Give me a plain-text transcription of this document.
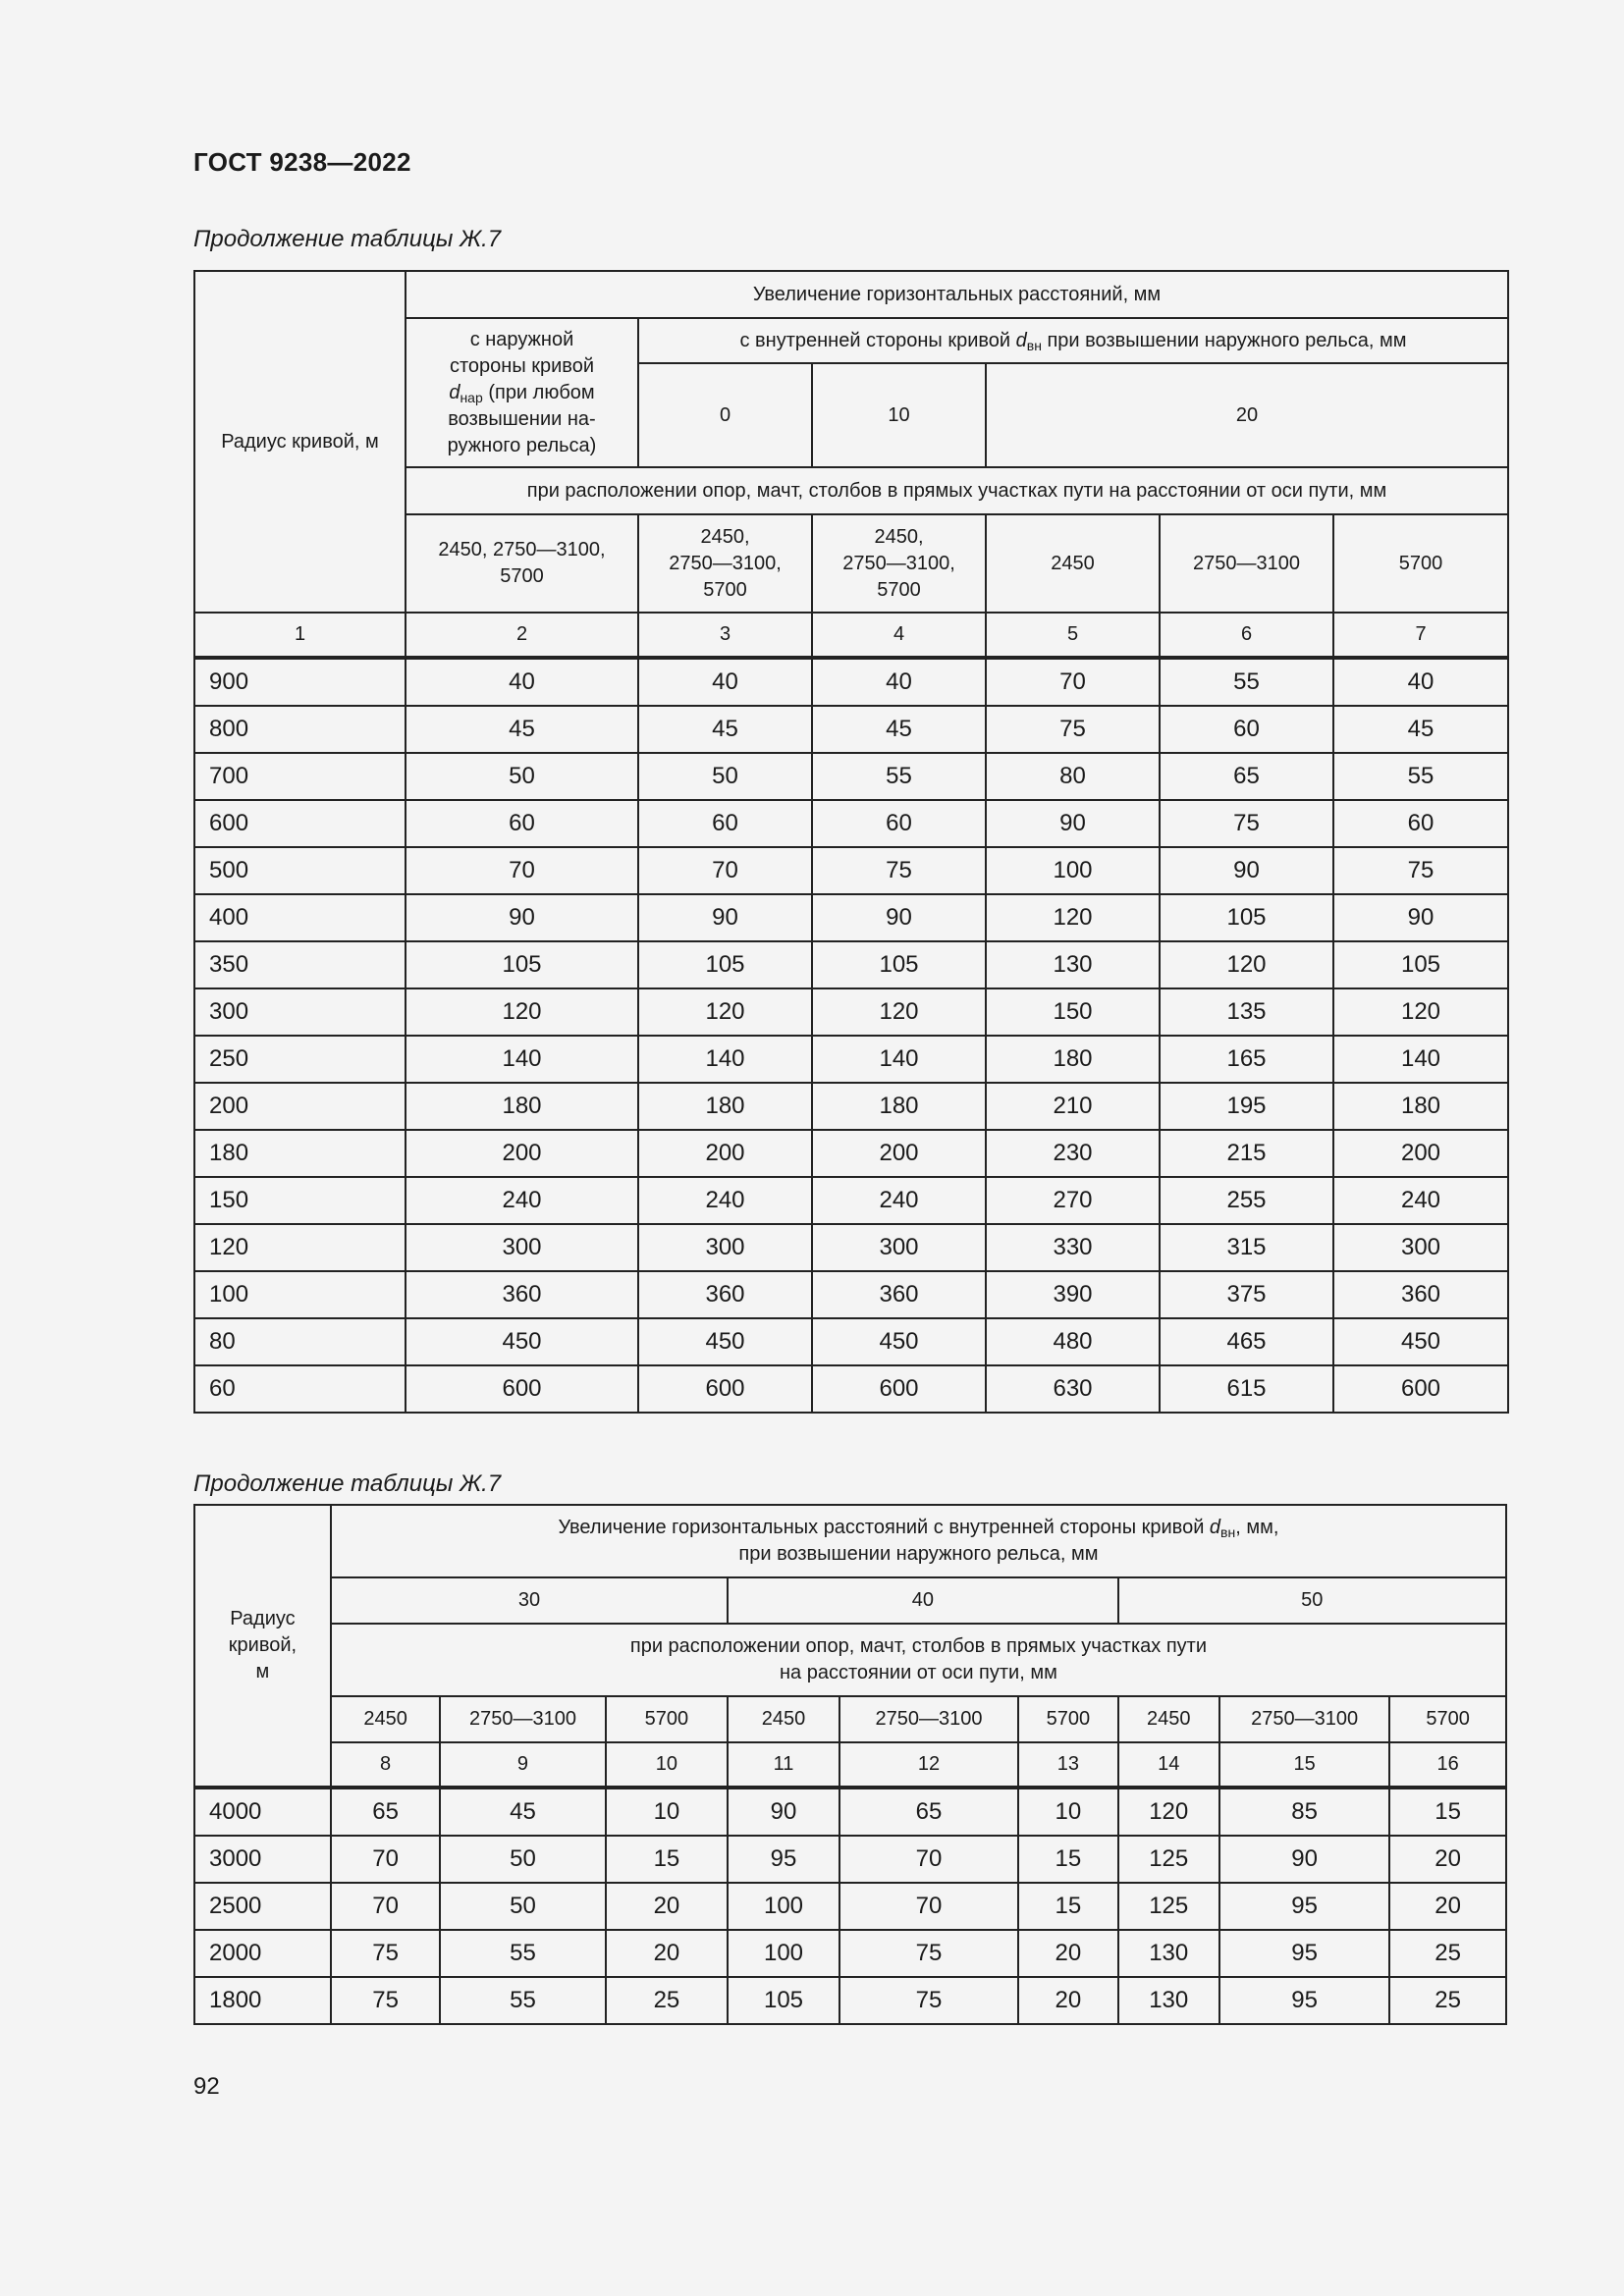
ГОСТ 9238—2022
Продолжение таблицы Ж.7
Радиус кривой, м	Увеличение горизонтальных расстояний, мм					
	с наружной
стороны кривой
$d_{нар}$ (при любом
возвышении на-
ружного рельса)	с внутренней стороны кривой $d_{вн}$ при возвышении наружного рельса, мм				
		0	10	20		
	при расположении опор, мачт, столбов в прямых участках пути на расстоянии от оси пути, мм					
	2450, 2750—3100,
5700	2450,
2750—3100,
5700	2450,
2750—3100,
5700	2450	2750—3100	5700
1	2	3	4	5	6	7
900	40	40	40	70	55	40
800	45	45	45	75	60	45
700	50	50	55	80	65	55
600	60	60	60	90	75	60
500	70	70	75	100	90	75
400	90	90	90	120	105	90
350	105	105	105	130	120	105
300	120	120	120	150	135	120
250	140	140	140	180	165	140
200	180	180	180	210	195	180
180	200	200	200	230	215	200
150	240	240	240	270	255	240
120	300	300	300	330	315	300
100	360	360	360	390	375	360
80	450	450	450	480	465	450
60	600	600	600	630	615	600
Продолжение таблицы Ж.7
Радиус
кривой,
м	Увеличение горизонтальных расстояний с внутренней стороны кривой $d_{вн}$, мм,
при возвышении наружного рельса, мм								
	30			40			50		
	при расположении опор, мачт, столбов в прямых участках пути
на расстоянии от оси пути, мм								
	2450	2750—3100	5700	2450	2750—3100	5700	2450	2750—3100	5700
	8	9	10	11	12	13	14	15	16
4000	65	45	10	90	65	10	120	85	15
3000	70	50	15	95	70	15	125	90	20
2500	70	50	20	100	70	15	125	95	20
2000	75	55	20	100	75	20	130	95	25
1800	75	55	25	105	75	20	130	95	25
92
